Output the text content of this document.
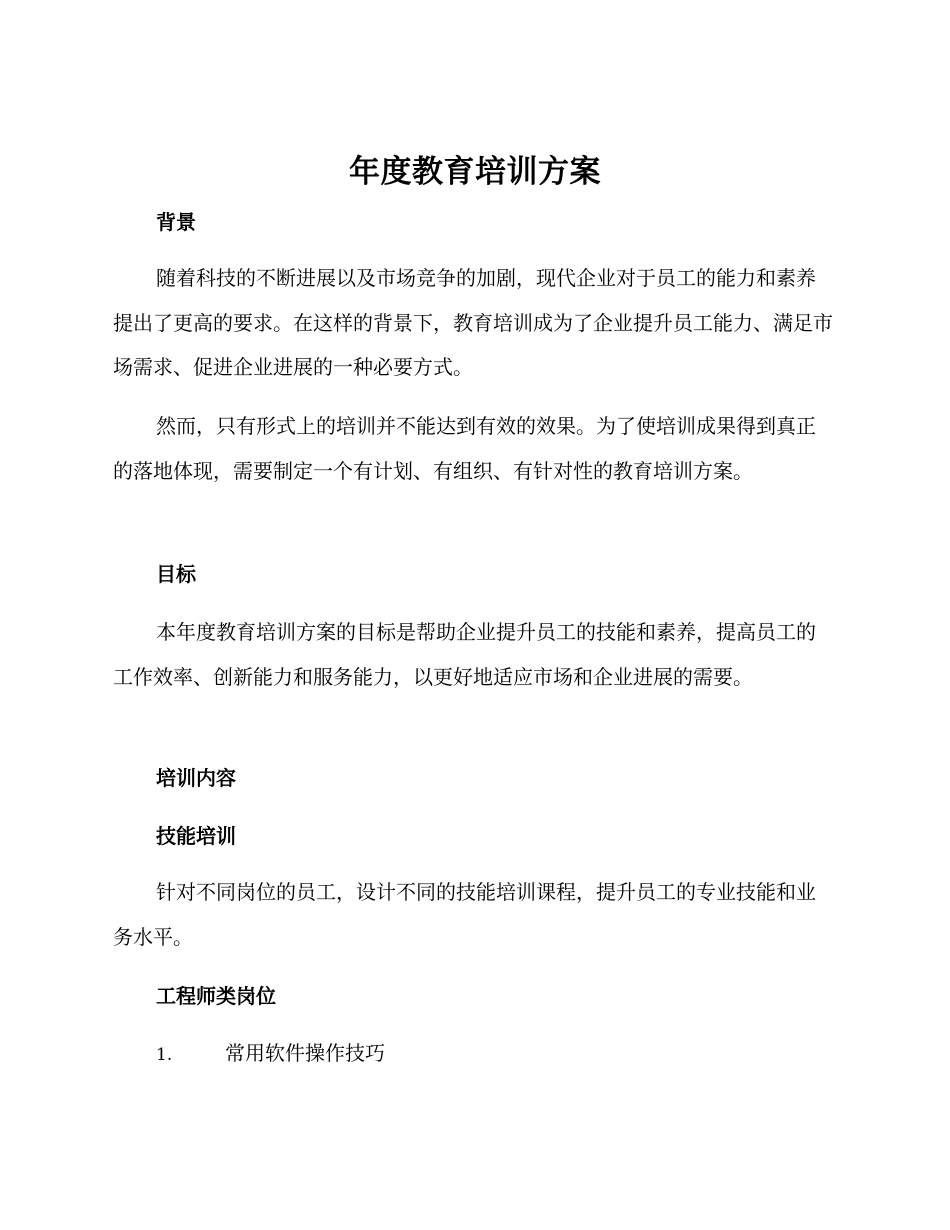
年度教育培训方案
背景

随着科技的不断进展以及市场竞争的加剧，现代企业对于员工的能力和素养提出了更高的要求。在这样的背景下，教育培训成为了企业提升员工能力、满足市场需求、促进企业进展的一种必要方式。

然而，只有形式上的培训并不能达到有效的效果。为了使培训成果得到真正的落地体现，需要制定一个有计划、有组织、有针对性的教育培训方案。

目标

本年度教育培训方案的目标是帮助企业提升员工的技能和素养，提高员工的工作效率、创新能力和服务能力，以更好地适应市场和企业进展的需要。

培训内容
技能培训

针对不同岗位的员工，设计不同的技能培训课程，提升员工的专业技能和业务水平。

工程师类岗位
1.	常用软件操作技巧
